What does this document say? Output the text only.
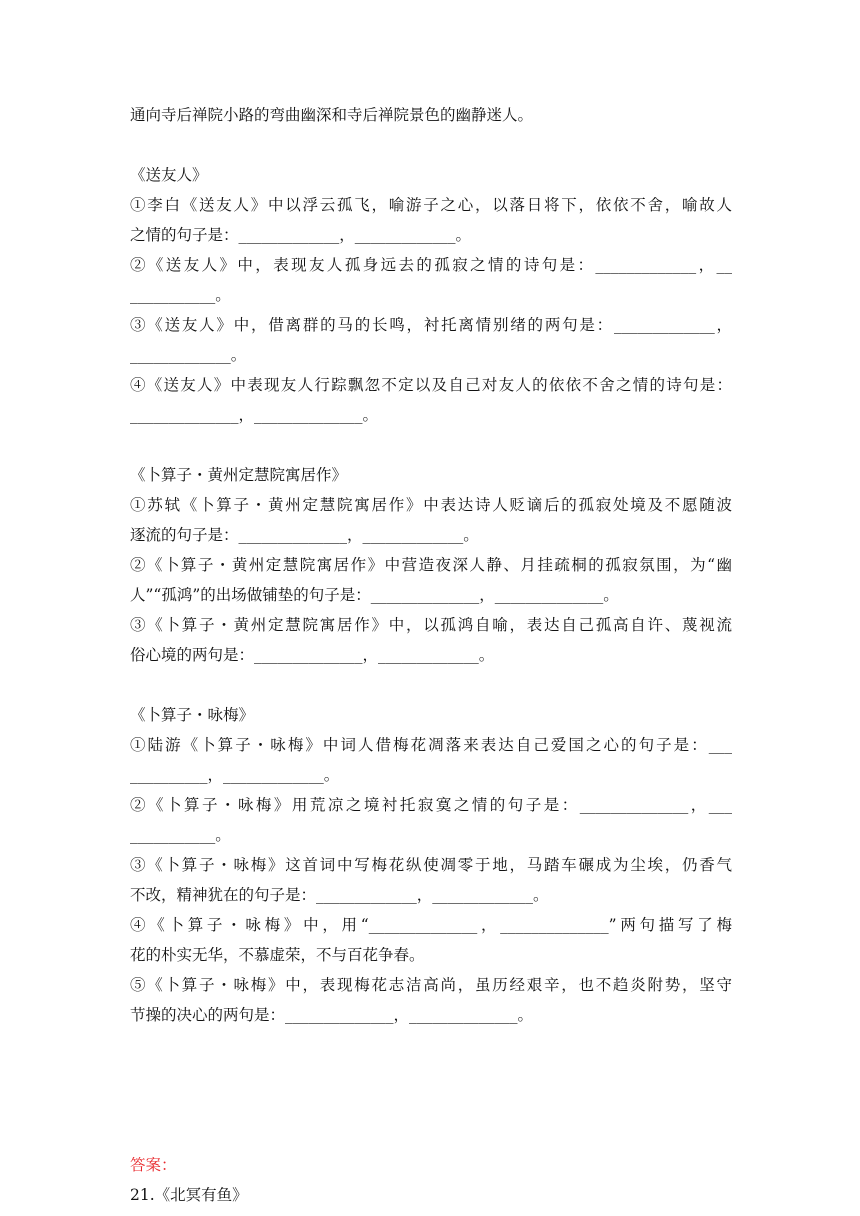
通向寺后禅院小路的弯曲幽深和寺后禅院景色的幽静迷人。
《送友人》
①李白《送友人》中以浮云孤飞，喻游子之心，以落日将下，依依不舍，喻故人
之情的句子是：_____________，_____________。
②《送友人》中，表现友人孤身远去的孤寂之情的诗句是：_____________，__
___________。
③《送友人》中，借离群的马的长鸣，衬托离情别绪的两句是：_____________，
_____________。
④《送友人》中表现友人行踪飘忽不定以及自己对友人的依依不舍之情的诗句是：
______________，______________。
《卜算子・黄州定慧院寓居作》
①苏轼《卜算子・黄州定慧院寓居作》中表达诗人贬谪后的孤寂处境及不愿随波
逐流的句子是：______________，_____________。
②《卜算子・黄州定慧院寓居作》中营造夜深人静、月挂疏桐的孤寂氛围，为“幽
人”“孤鸿”的出场做铺垫的句子是：______________，______________。
③《卜算子・黄州定慧院寓居作》中，以孤鸿自喻，表达自己孤高自许、蔑视流
俗心境的两句是：______________，_____________。
《卜算子・咏梅》
①陆游《卜算子・咏梅》中词人借梅花凋落来表达自己爱国之心的句子是：___
__________，_____________。
②《卜算子・咏梅》用荒凉之境衬托寂寞之情的句子是：______________，___
___________。
③《卜算子・咏梅》这首词中写梅花纵使凋零于地，马踏车碾成为尘埃，仍香气
不改，精神犹在的句子是：_____________，_____________。
④《卜算子・咏梅》中，用“______________，______________”两句描写了梅
花的朴实无华，不慕虚荣，不与百花争春。
⑤《卜算子・咏梅》中，表现梅花志洁高尚，虽历经艰辛，也不趋炎附势，坚守
节操的决心的两句是：______________，______________。
答案：
21.《北冥有鱼》
